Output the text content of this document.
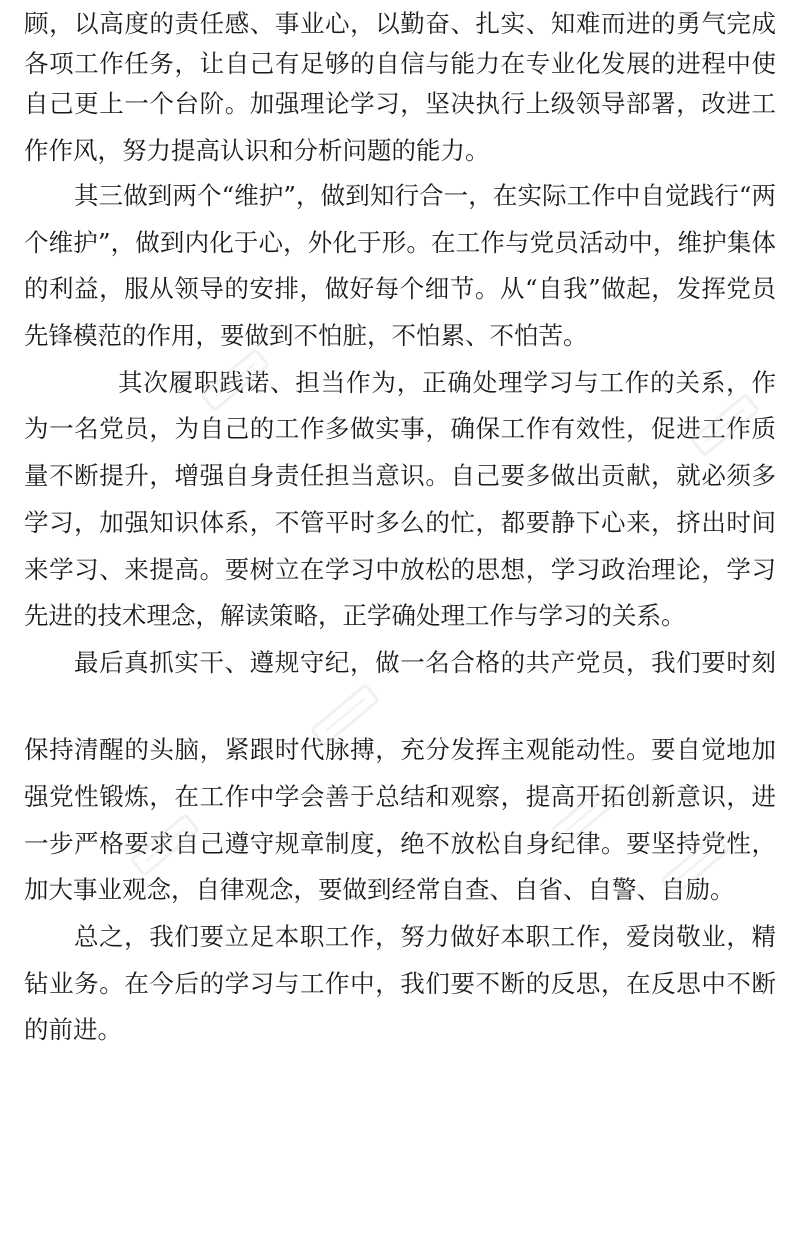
顾，以高度的责任感、事业心，以勤奋、扎实、知难而进的勇气完成
各项工作任务，让自己有足够的自信与能力在专业化发展的进程中使
自己更上一个台阶。加强理论学习，坚决执行上级领导部署，改进工
作作风，努力提高认识和分析问题的能力。
其三做到两个“维护”，做到知行合一，在实际工作中自觉践行“两
个维护”，做到内化于心，外化于形。在工作与党员活动中，维护集体
的利益，服从领导的安排，做好每个细节。从“自我”做起，发挥党员
先锋模范的作用，要做到不怕脏，不怕累、不怕苦。
其次履职践诺、担当作为，正确处理学习与工作的关系，作
为一名党员，为自己的工作多做实事，确保工作有效性，促进工作质
量不断提升，增强自身责任担当意识。自己要多做出贡献，就必须多
学习，加强知识体系，不管平时多么的忙，都要静下心来，挤出时间
来学习、来提高。要树立在学习中放松的思想，学习政治理论，学习
先进的技术理念，解读策略，正学确处理工作与学习的关系。
最后真抓实干、遵规守纪，做一名合格的共产党员，我们要时刻
保持清醒的头脑，紧跟时代脉搏，充分发挥主观能动性。要自觉地加
强党性锻炼，在工作中学会善于总结和观察，提高开拓创新意识，进
一步严格要求自己遵守规章制度，绝不放松自身纪律。要坚持党性，
加大事业观念，自律观念，要做到经常自查、自省、自警、自励。
总之，我们要立足本职工作，努力做好本职工作，爱岗敬业，精
钻业务。在今后的学习与工作中，我们要不断的反思，在反思中不断
的前进。
